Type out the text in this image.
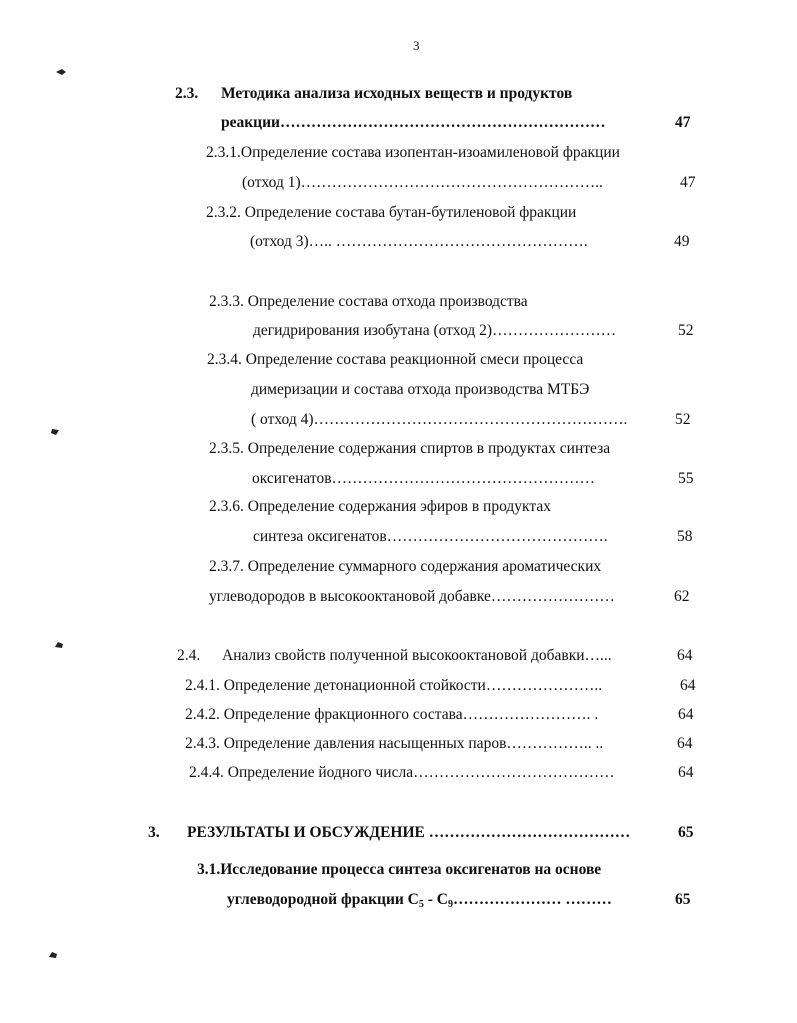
3
2.3. Методика анализа исходных веществ и продуктов
реакции………………………………………………………	47
2.3.1.Определение состава изопентан-изоамиленовой фракции
(отход 1)…………………………………………………..	47
2.3.2. Определение состава бутан-бутиленовой фракции
(отход 3)….. ………………………………………….	49
2.3.3. Определение состава отхода производства
дегидрирования изобутана (отход 2)……………………	52
2.3.4. Определение состава реакционной смеси процесса
димеризации и состава отхода производства МТБЭ
( отход 4)…………………………………………………….	52
2.3.5. Определение содержания спиртов в продуктах синтеза
оксигенатов……………………………………………	55
2.3.6. Определение содержания эфиров в продуктах
синтеза оксигенатов…………………………………….	58
2.3.7. Определение суммарного содержания ароматических
углеводородов в высокооктановой добавке……………………	62
2.4. Анализ свойств полученной высокооктановой добавки…...	64
2.4.1. Определение детонационной стойкости…………………..	64
2.4.2. Определение фракционного состава……………………. .	64
2.4.3. Определение давления насыщенных паров…………….. ..	64
2.4.4. Определение йодного числа…………………………………	64
3. РЕЗУЛЬТАТЫ И ОБСУЖДЕНИЕ …………………………………	65
3.1.Исследование процесса синтеза оксигенатов на основе
углеводородной фракции $C_5$ - $C_9\dots\dots\dots\dots\dots\dots\dots$ ………	65
